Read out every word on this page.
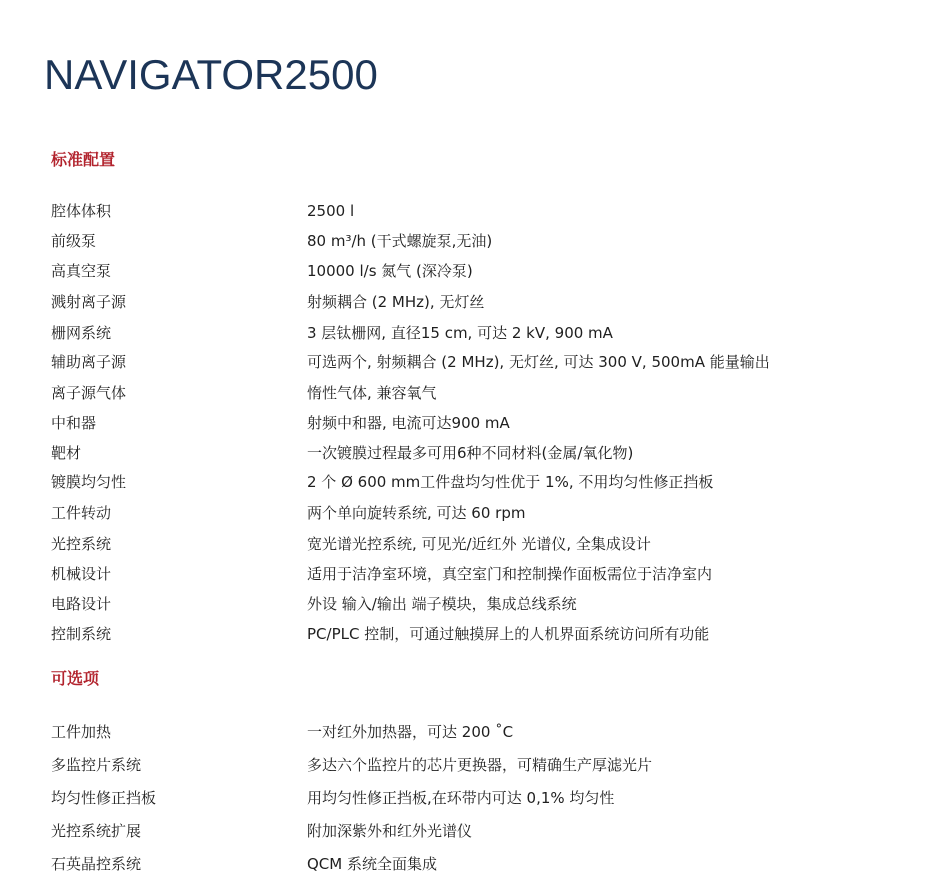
NAVIGATOR2500
标准配置
腔体体积	2500 l
前级泵	80 m³/h (干式螺旋泵,无油)
高真空泵	10000 l/s 氮气 (深冷泵)
溅射离子源	射频耦合 (2 MHz), 无灯丝
栅网系统	3 层钛栅网, 直径15 cm, 可达 2 kV, 900 mA
辅助离子源	可选两个, 射频耦合 (2 MHz), 无灯丝, 可达 300 V, 500mA 能量输出
离子源气体	惰性气体, 兼容氧气
中和器	射频中和器, 电流可达900 mA
靶材	一次镀膜过程最多可用6种不同材料(金属/氧化物)
镀膜均匀性	2 个 Ø 600 mm工件盘均匀性优于 1%, 不用均匀性修正挡板
工件转动	两个单向旋转系统, 可达 60 rpm
光控系统	宽光谱光控系统, 可见光/近红外 光谱仪, 全集成设计
机械设计	适用于洁净室环境，真空室门和控制操作面板需位于洁净室内
电路设计	外设 输入/输出 端子模块，集成总线系统
控制系统	PC/PLC 控制，可通过触摸屏上的人机界面系统访问所有功能
可选项
工件加热	一对红外加热器，可达 200 ˚C
多监控片系统	多达六个监控片的芯片更换器，可精确生产厚滤光片
均匀性修正挡板	用均匀性修正挡板,在环带内可达 0,1% 均匀性
光控系统扩展	附加深紫外和红外光谱仪
石英晶控系统	QCM 系统全面集成
